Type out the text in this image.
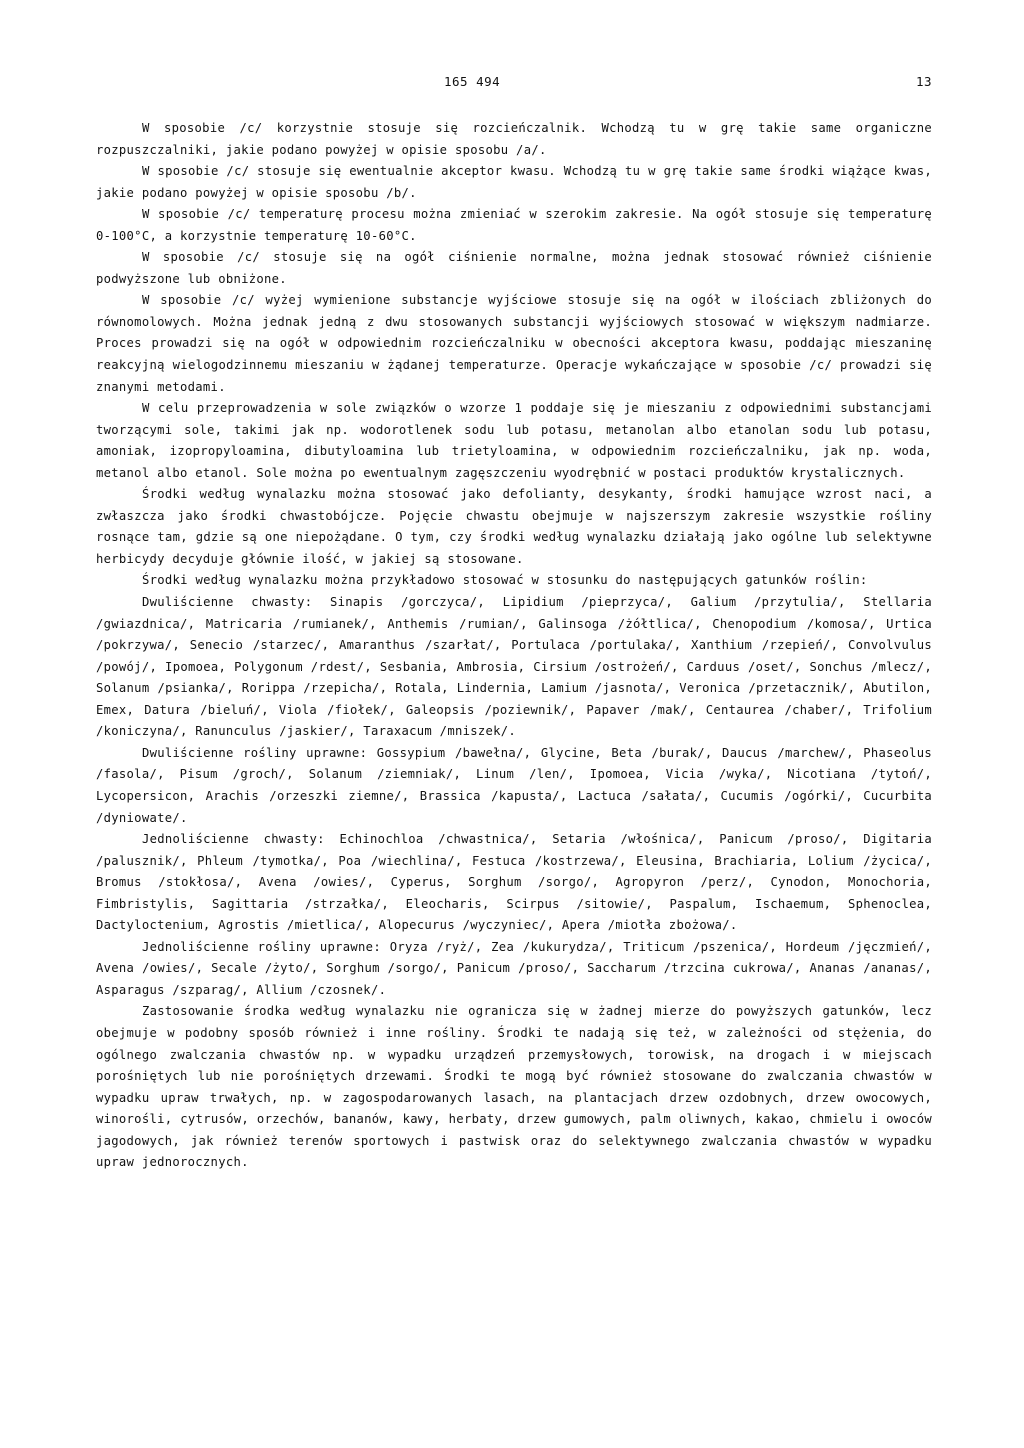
165 494	13

W sposobie /c/ korzystnie stosuje się rozcieńczalnik. Wchodzą tu w grę takie same organiczne rozpuszczalniki, jakie podano powyżej w opisie sposobu /a/.

W sposobie /c/ stosuje się ewentualnie akceptor kwasu. Wchodzą tu w grę takie same środki wiążące kwas, jakie podano powyżej w opisie sposobu /b/.

W sposobie /c/ temperaturę procesu można zmieniać w szerokim zakresie. Na ogół stosuje się temperaturę 0-100°C, a korzystnie temperaturę 10-60°C.

W sposobie /c/ stosuje się na ogół ciśnienie normalne, można jednak stosować również ciśnienie podwyższone lub obniżone.

W sposobie /c/ wyżej wymienione substancje wyjściowe stosuje się na ogół w ilościach zbliżonych do równomolowych. Można jednak jedną z dwu stosowanych substancji wyjściowych stosować w większym nadmiarze. Proces prowadzi się na ogół w odpowiednim rozcieńczalniku w obecności akceptora kwasu, poddając mieszaninę reakcyjną wielogodzinnemu mieszaniu w żądanej temperaturze. Operacje wykańczające w sposobie /c/ prowadzi się znanymi metodami.

W celu przeprowadzenia w sole związków o wzorze 1 poddaje się je mieszaniu z odpowiednimi substancjami tworzącymi sole, takimi jak np. wodorotlenek sodu lub potasu, metanolan albo etanolan sodu lub potasu, amoniak, izopropyloamina, dibutyloamina lub trietyloamina, w odpowiednim rozcieńczalniku, jak np. woda, metanol albo etanol. Sole można po ewentualnym zagęszczeniu wyodrębnić w postaci produktów krystalicznych.

Środki według wynalazku można stosować jako defolianty, desykanty, środki hamujące wzrost naci, a zwłaszcza jako środki chwastobójcze. Pojęcie chwastu obejmuje w najszerszym zakresie wszystkie rośliny rosnące tam, gdzie są one niepożądane. O tym, czy środki według wynalazku działają jako ogólne lub selektywne herbicydy decyduje głównie ilość, w jakiej są stosowane.

Środki według wynalazku można przykładowo stosować w stosunku do następujących gatunków roślin:

Dwuliścienne chwasty: Sinapis /gorczyca/, Lipidium /pieprzyca/, Galium /przytulia/, Stellaria /gwiazdnica/, Matricaria /rumianek/, Anthemis /rumian/, Galinsoga /żółtlica/, Chenopodium /komosa/, Urtica /pokrzywa/, Senecio /starzec/, Amaranthus /szarłat/, Portulaca /portulaka/, Xanthium /rzepień/, Convolvulus /powój/, Ipomoea, Polygonum /rdest/, Sesbania, Ambrosia, Cirsium /ostrożeń/, Carduus /oset/, Sonchus /mlecz/, Solanum /psianka/, Rorippa /rzepicha/, Rotala, Lindernia, Lamium /jasnota/, Veronica /przetacznik/, Abutilon, Emex, Datura /bieluń/, Viola /fiołek/, Galeopsis /poziewnik/, Papaver /mak/, Centaurea /chaber/, Trifolium /koniczyna/, Ranunculus /jaskier/, Taraxacum /mniszek/.

Dwuliścienne rośliny uprawne: Gossypium /bawełna/, Glycine, Beta /burak/, Daucus /marchew/, Phaseolus /fasola/, Pisum /groch/, Solanum /ziemniak/, Linum /len/, Ipomoea, Vicia /wyka/, Nicotiana /tytoń/, Lycopersicon, Arachis /orzeszki ziemne/, Brassica /kapusta/, Lactuca /sałata/, Cucumis /ogórki/, Cucurbita /dyniowate/.

Jednoliścienne chwasty: Echinochloa /chwastnica/, Setaria /włośnica/, Panicum /proso/, Digitaria /palusznik/, Phleum /tymotka/, Poa /wiechlina/, Festuca /kostrzewa/, Eleusina, Brachiaria, Lolium /życica/, Bromus /stokłosa/, Avena /owies/, Cyperus, Sorghum /sorgo/, Agropyron /perz/, Cynodon, Monochoria, Fimbristylis, Sagittaria /strzałka/, Eleocharis, Scirpus /sitowie/, Paspalum, Ischaemum, Sphenoclea, Dactyloctenium, Agrostis /mietlica/, Alopecurus /wyczyniec/, Apera /miotła zbożowa/.

Jednoliścienne rośliny uprawne: Oryza /ryż/, Zea /kukurydza/, Triticum /pszenica/, Hordeum /jęczmień/, Avena /owies/, Secale /żyto/, Sorghum /sorgo/, Panicum /proso/, Saccharum /trzcina cukrowa/, Ananas /ananas/, Asparagus /szparag/, Allium /czosnek/.

Zastosowanie środka według wynalazku nie ogranicza się w żadnej mierze do powyższych gatunków, lecz obejmuje w podobny sposób również i inne rośliny. Środki te nadają się też, w zależności od stężenia, do ogólnego zwalczania chwastów np. w wypadku urządzeń przemysłowych, torowisk, na drogach i w miejscach porośniętych lub nie porośniętych drzewami. Środki te mogą być również stosowane do zwalczania chwastów w wypadku upraw trwałych, np. w zagospodarowanych lasach, na plantacjach drzew ozdobnych, drzew owocowych, winorośli, cytrusów, orzechów, bananów, kawy, herbaty, drzew gumowych, palm oliwnych, kakao, chmielu i owoców jagodowych, jak również terenów sportowych i pastwisk oraz do selektywnego zwalczania chwastów w wypadku upraw jednorocznych.
